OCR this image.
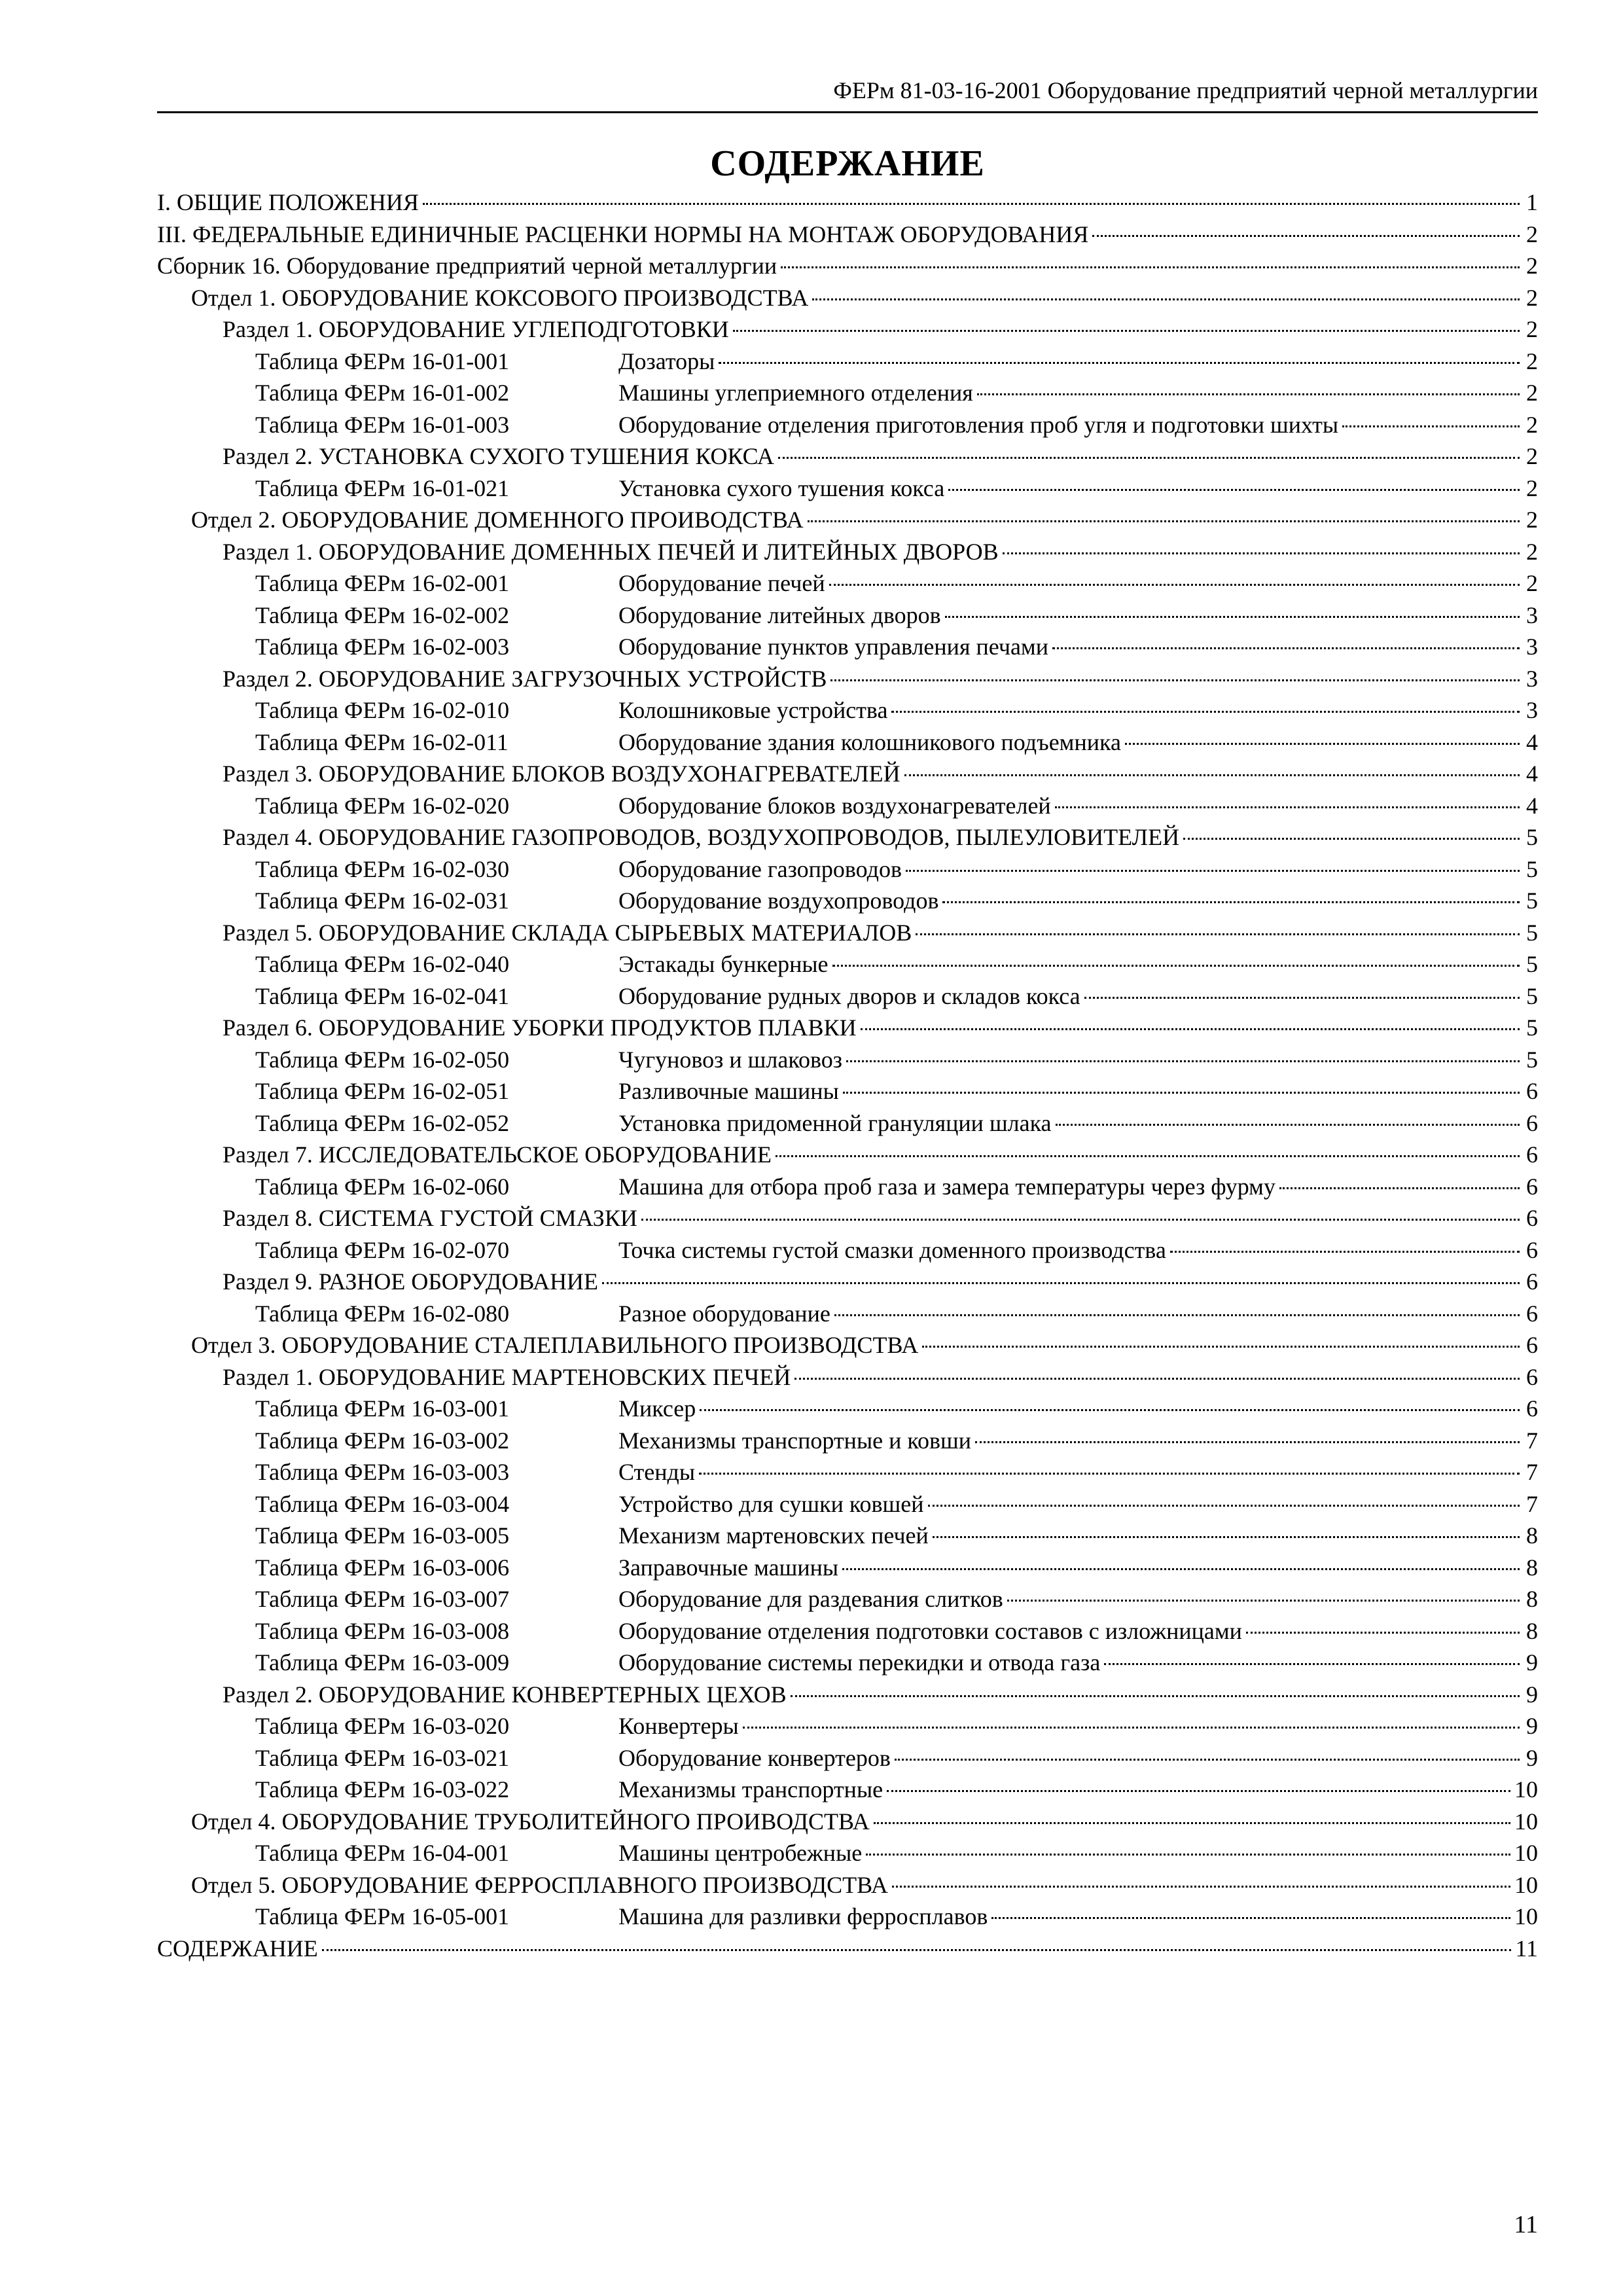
ФЕРм 81-03-16-2001 Оборудование предприятий черной металлургии
СОДЕРЖАНИЕ
I. ОБЩИЕ ПОЛОЖЕНИЯ	1
III. ФЕДЕРАЛЬНЫЕ ЕДИНИЧНЫЕ РАСЦЕНКИ НОРМЫ НА МОНТАЖ ОБОРУДОВАНИЯ	2
Сборник 16. Оборудование предприятий черной металлургии	2
Отдел 1. ОБОРУДОВАНИЕ КОКСОВОГО ПРОИЗВОДСТВА	2
Раздел 1. ОБОРУДОВАНИЕ УГЛЕПОДГОТОВКИ	2
Таблица ФЕРм 16-01-001	Дозаторы	2
Таблица ФЕРм 16-01-002	Машины углеприемного отделения	2
Таблица ФЕРм 16-01-003	Оборудование отделения приготовления проб угля и подготовки шихты	2
Раздел 2. УСТАНОВКА СУХОГО ТУШЕНИЯ КОКСА	2
Таблица ФЕРм 16-01-021	Установка сухого тушения кокса	2
Отдел 2. ОБОРУДОВАНИЕ ДОМЕННОГО ПРОИВОДСТВА	2
Раздел 1. ОБОРУДОВАНИЕ ДОМЕННЫХ ПЕЧЕЙ И ЛИТЕЙНЫХ ДВОРОВ	2
Таблица ФЕРм 16-02-001	Оборудование печей	2
Таблица ФЕРм 16-02-002	Оборудование литейных дворов	3
Таблица ФЕРм 16-02-003	Оборудование пунктов управления печами	3
Раздел 2. ОБОРУДОВАНИЕ ЗАГРУЗОЧНЫХ УСТРОЙСТВ	3
Таблица ФЕРм 16-02-010	Колошниковые устройства	3
Таблица ФЕРм 16-02-011	Оборудование здания колошникового подъемника	4
Раздел 3. ОБОРУДОВАНИЕ БЛОКОВ ВОЗДУХОНАГРЕВАТЕЛЕЙ	4
Таблица ФЕРм 16-02-020	Оборудование блоков воздухонагревателей	4
Раздел 4. ОБОРУДОВАНИЕ ГАЗОПРОВОДОВ, ВОЗДУХОПРОВОДОВ, ПЫЛЕУЛОВИТЕЛЕЙ	5
Таблица ФЕРм 16-02-030	Оборудование газопроводов	5
Таблица ФЕРм 16-02-031	Оборудование воздухопроводов	5
Раздел 5. ОБОРУДОВАНИЕ СКЛАДА СЫРЬЕВЫХ МАТЕРИАЛОВ	5
Таблица ФЕРм 16-02-040	Эстакады бункерные	5
Таблица ФЕРм 16-02-041	Оборудование рудных дворов и складов кокса	5
Раздел 6. ОБОРУДОВАНИЕ УБОРКИ ПРОДУКТОВ ПЛАВКИ	5
Таблица ФЕРм 16-02-050	Чугуновоз и шлаковоз	5
Таблица ФЕРм 16-02-051	Разливочные машины	6
Таблица ФЕРм 16-02-052	Установка придоменной грануляции шлака	6
Раздел 7. ИССЛЕДОВАТЕЛЬСКОЕ ОБОРУДОВАНИЕ	6
Таблица ФЕРм 16-02-060	Машина для отбора проб газа и замера температуры через фурму	6
Раздел 8. СИСТЕМА ГУСТОЙ СМАЗКИ	6
Таблица ФЕРм 16-02-070	Точка системы густой смазки доменного производства	6
Раздел 9. РАЗНОЕ ОБОРУДОВАНИЕ	6
Таблица ФЕРм 16-02-080	Разное оборудование	6
Отдел 3. ОБОРУДОВАНИЕ СТАЛЕПЛАВИЛЬНОГО ПРОИЗВОДСТВА	6
Раздел 1. ОБОРУДОВАНИЕ МАРТЕНОВСКИХ ПЕЧЕЙ	6
Таблица ФЕРм 16-03-001	Миксер	6
Таблица ФЕРм 16-03-002	Механизмы транспортные и ковши	7
Таблица ФЕРм 16-03-003	Стенды	7
Таблица ФЕРм 16-03-004	Устройство для сушки ковшей	7
Таблица ФЕРм 16-03-005	Механизм мартеновских печей	8
Таблица ФЕРм 16-03-006	Заправочные машины	8
Таблица ФЕРм 16-03-007	Оборудование для раздевания слитков	8
Таблица ФЕРм 16-03-008	Оборудование отделения подготовки составов с изложницами	8
Таблица ФЕРм 16-03-009	Оборудование системы перекидки и отвода газа	9
Раздел 2. ОБОРУДОВАНИЕ КОНВЕРТЕРНЫХ ЦЕХОВ	9
Таблица ФЕРм 16-03-020	Конвертеры	9
Таблица ФЕРм 16-03-021	Оборудование конвертеров	9
Таблица ФЕРм 16-03-022	Механизмы транспортные	10
Отдел 4. ОБОРУДОВАНИЕ ТРУБОЛИТЕЙНОГО ПРОИВОДСТВА	10
Таблица ФЕРм 16-04-001	Машины центробежные	10
Отдел 5. ОБОРУДОВАНИЕ ФЕРРОСПЛАВНОГО ПРОИЗВОДСТВА	10
Таблица ФЕРм 16-05-001	Машина для разливки ферросплавов	10
СОДЕРЖАНИЕ	11
11
